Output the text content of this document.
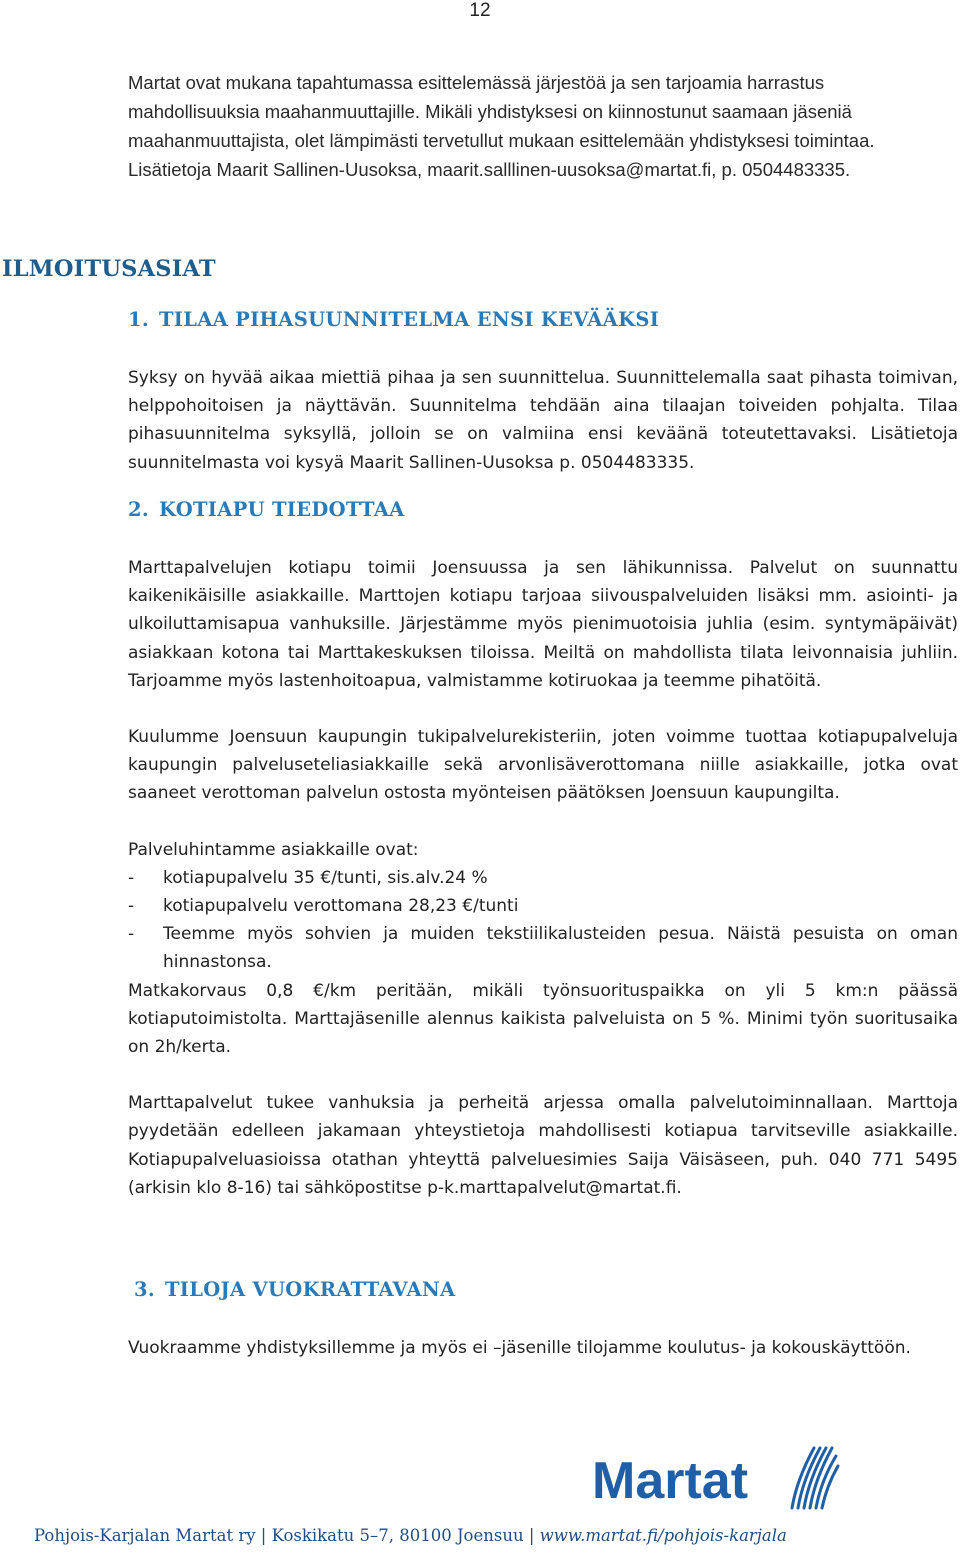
12

Martat ovat mukana tapahtumassa esittelemässä järjestöä ja sen tarjoamia harrastus mahdollisuuksia maahanmuuttajille. Mikäli yhdistyksesi on kiinnostunut saamaan jäseniä maahanmuuttajista, olet lämpimästi tervetullut mukaan esittelemään yhdistyksesi toimintaa. Lisätietoja Maarit Sallinen-Uusoksa, maarit.salllinen-uusoksa@martat.fi, p. 0504483335.

ILMOITUSASIAT
1. TILAA PIHASUUNNITELMA ENSI KEVÄÄKSI

Syksy on hyvää aikaa miettiä pihaa ja sen suunnittelua. Suunnittelemalla saat pihasta toimivan, helppohoitoisen ja näyttävän. Suunnitelma tehdään aina tilaajan toiveiden pohjalta. Tilaa pihasuunnitelma syksyllä, jolloin se on valmiina ensi keväänä toteutettavaksi. Lisätietoja suunnitelmasta voi kysyä Maarit Sallinen-Uusoksa p. 0504483335.

2. KOTIAPU TIEDOTTAA

Marttapalvelujen kotiapu toimii Joensuussa ja sen lähikunnissa. Palvelut on suunnattu kaikenikäisille asiakkaille. Marttojen kotiapu tarjoaa siivouspalveluiden lisäksi mm. asiointi- ja ulkoiluttamisapua vanhuksille. Järjestämme myös pienimuotoisia juhlia (esim. syntymäpäivät) asiakkaan kotona tai Marttakeskuksen tiloissa. Meiltä on mahdollista tilata leivonnaisia juhliin. Tarjoamme myös lastenhoitoapua, valmistamme kotiruokaa ja teemme pihatöitä.

Kuulumme Joensuun kaupungin tukipalvelurekisteriin, joten voimme tuottaa kotiapupalveluja kaupungin palveluseteliasiakkaille sekä arvonlisäverottomana niille asiakkaille, jotka ovat saaneet verottoman palvelun ostosta myönteisen päätöksen Joensuun kaupungilta.

Palveluhintamme asiakkaille ovat:

-	kotiapupalvelu 35 €/tunti, sis.alv.24 %
-	kotiapupalvelu verottomana 28,23 €/tunti
-	Teemme myös sohvien ja muiden tekstiilikalusteiden pesua. Näistä pesuista on oman hinnastonsa.

Matkakorvaus 0,8 €/km peritään, mikäli työnsuorituspaikka on yli 5 km:n päässä kotiaputoimistolta. Marttajäsenille alennus kaikista palveluista on 5 %. Minimi työn suoritusaika on 2h/kerta.

Marttapalvelut tukee vanhuksia ja perheitä arjessa omalla palvelutoiminnallaan. Marttoja pyydetään edelleen jakamaan yhteystietoja mahdollisesti kotiapua tarvitseville asiakkaille. Kotiapupalveluasioissa otathan yhteyttä palveluesimies Saija Väisäseen, puh. 040 771 5495 (arkisin klo 8-16) tai sähköpostitse p-k.marttapalvelut@martat.fi.

3. TILOJA VUOKRATTAVANA

Vuokraamme yhdistyksillemme ja myös ei –jäsenille tilojamme koulutus- ja kokouskäyttöön.

Martat
Pohjois-Karjalan Martat ry | Koskikatu 5–7, 80100 Joensuu | www.martat.fi/pohjois-karjala
